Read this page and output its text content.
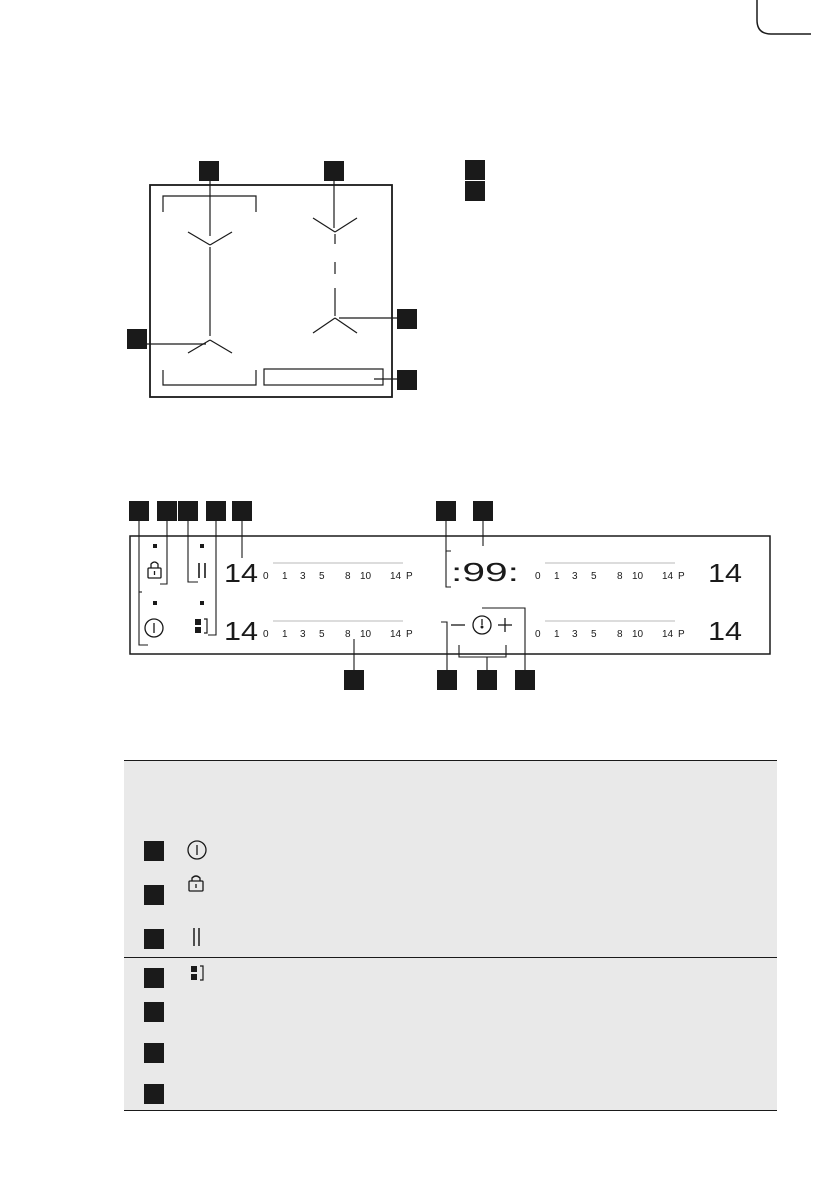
14
14
0 1 3 5 8 10 14 P
0 1 3 5 8 10 14 P
0 1 3 5 8 10 14 P
0 1 3 5 8 10 14 P
14
14
:99:
